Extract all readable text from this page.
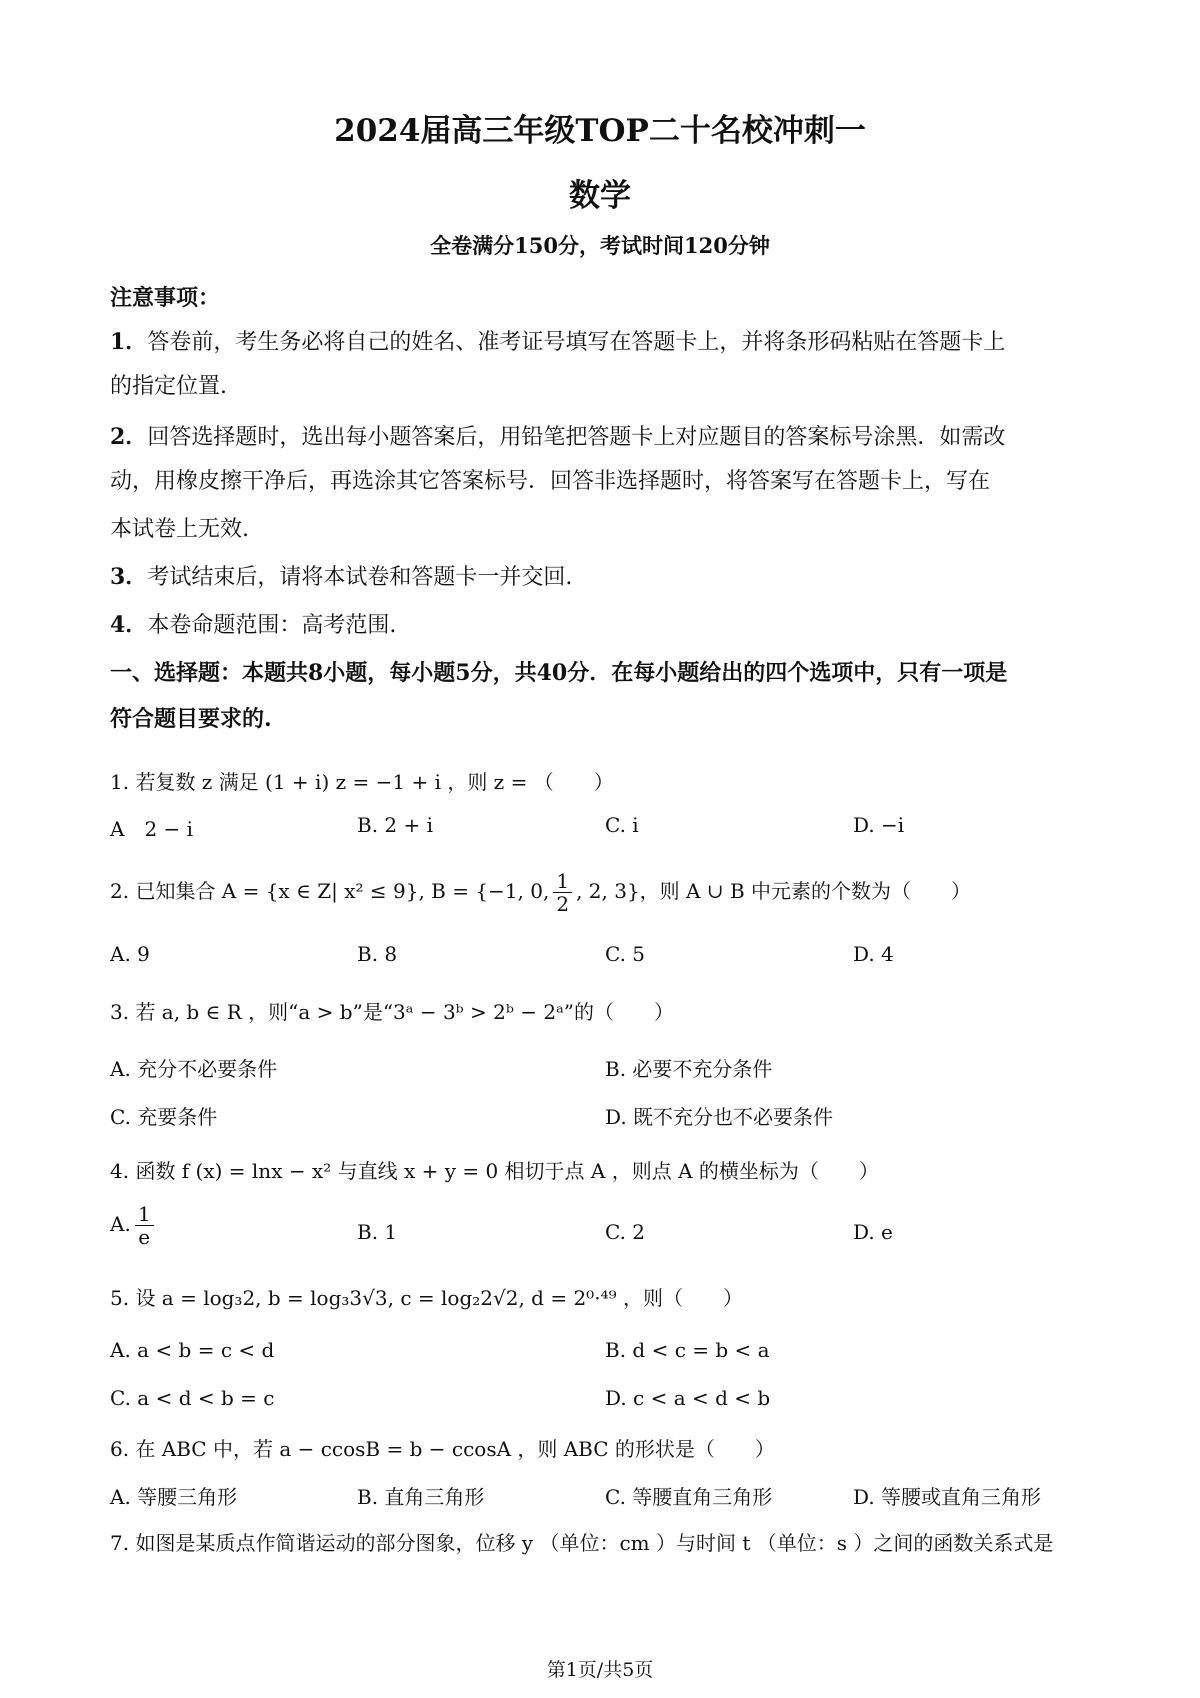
2024届高三年级TOP二十名校冲刺一
数学
全卷满分150分，考试时间120分钟
注意事项：
1．答卷前，考生务必将自己的姓名、准考证号填写在答题卡上，并将条形码粘贴在答题卡上
的指定位置.
2．回答选择题时，选出每小题答案后，用铅笔把答题卡上对应题目的答案标号涂黑．如需改
动，用橡皮擦干净后，再选涂其它答案标号．回答非选择题时，将答案写在答题卡上，写在
本试卷上无效.
3．考试结束后，请将本试卷和答题卡一并交回.
4．本卷命题范围：高考范围.
一、选择题：本题共8小题，每小题5分，共40分．在每小题给出的四个选项中，只有一项是
符合题目要求的.
1. 若复数 z 满足 (1 + i) z = −1 + i ，则 z = （　　）
A　2 − i	B. 2 + i	C. i	D. −i
2. 已知集合 A = {x ∈ Z| x² ≤ 9}, B = {−1, 0, $\frac{1}{2}$ , 2, 3}，则 A ∪ B 中元素的个数为（　　）
A. 9	B. 8	C. 5	D. 4
3. 若 a, b ∈ R ，则“a > b”是“3ᵃ − 3ᵇ > 2ᵇ − 2ᵃ”的（　　）
A. 充分不必要条件	B. 必要不充分条件
C. 充要条件	D. 既不充分也不必要条件
4. 函数 f (x) = lnx − x² 与直线 x + y = 0 相切于点 A ，则点 A 的横坐标为（　　）
A. $\frac{1}{e}$	B. 1	C. 2	D. e
5. 设 a = log₃2, b = log₃3√3, c = log₂2√2, d = 2⁰·⁴⁹ ，则（　　）
A. a < b = c < d	B. d < c = b < a
C. a < d < b = c	D. c < a < d < b
6. 在 ABC 中，若 a − ccosB = b − ccosA ，则 ABC 的形状是（　　）
A. 等腰三角形	B. 直角三角形	C. 等腰直角三角形	D. 等腰或直角三角形
7. 如图是某质点作简谐运动的部分图象，位移 y （单位：cm ）与时间 t （单位：s ）之间的函数关系式是
第1页/共5页
